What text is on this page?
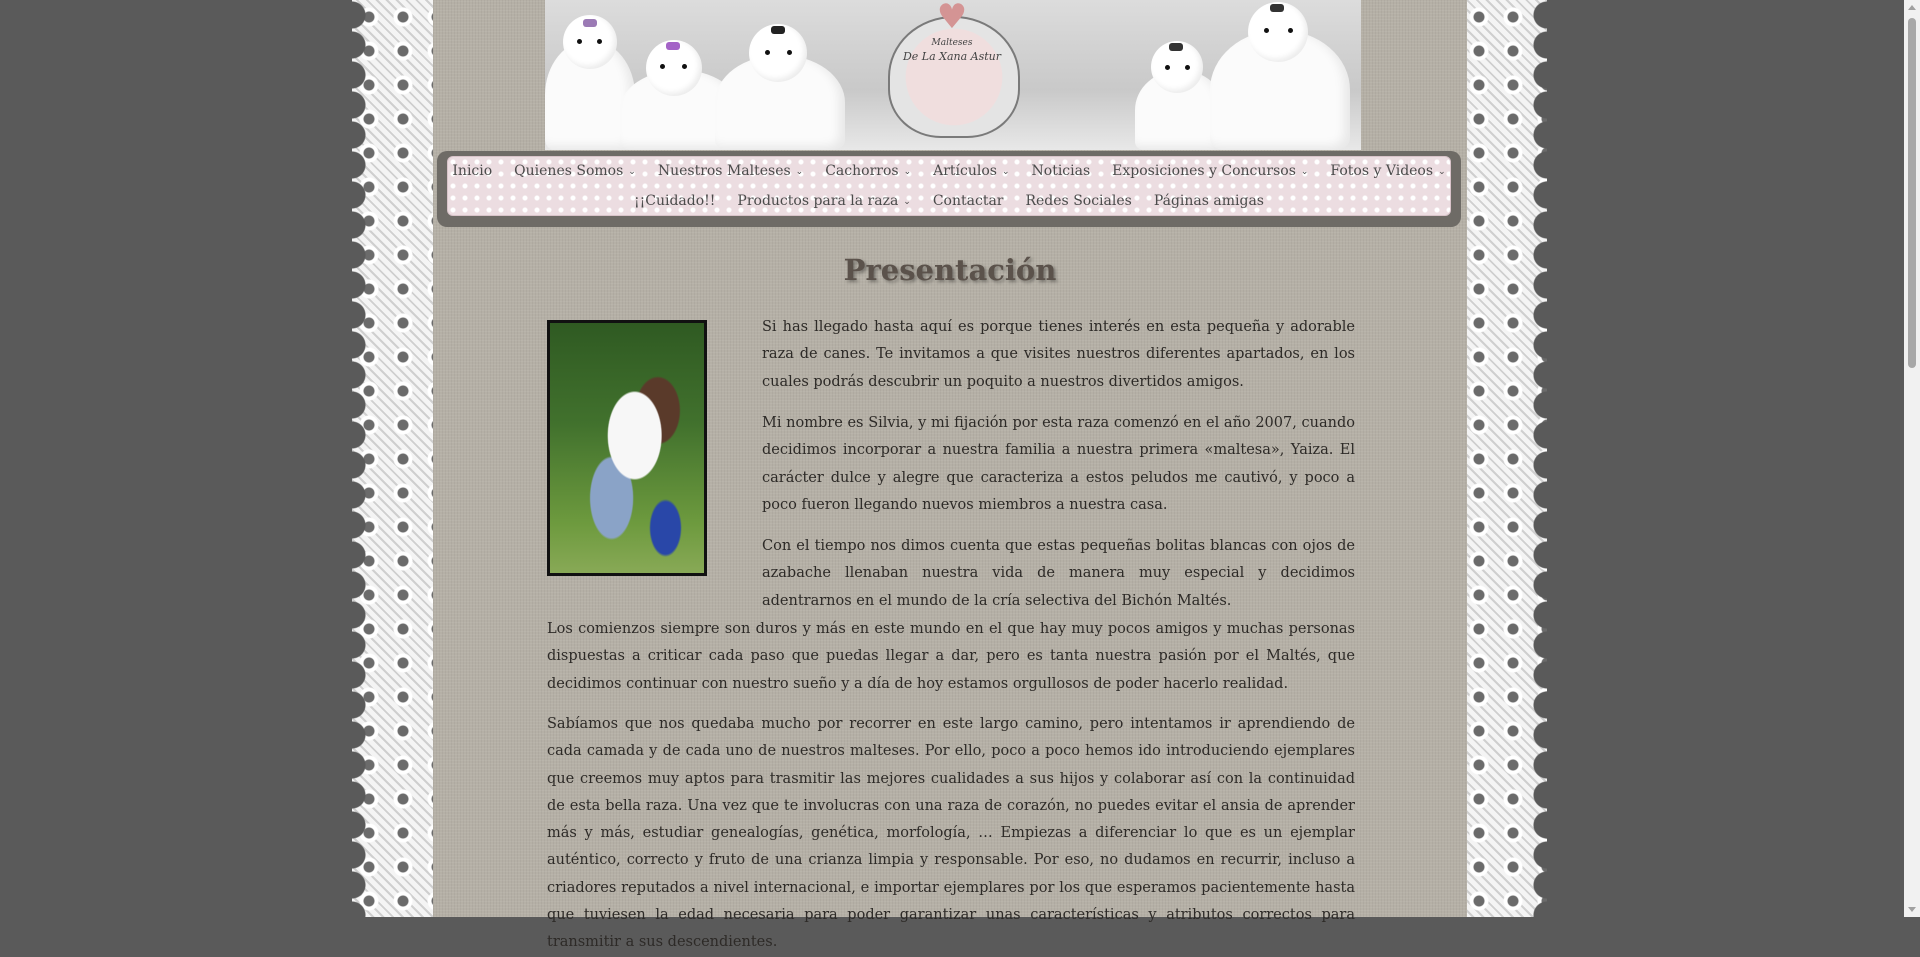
♥
Malteses
De La Xana Astur
Inicio Quienes Somos ⌄ Nuestros Malteses ⌄ Cachorros ⌄ Artículos ⌄ Noticias Exposiciones y Concursos ⌄ Fotos y Videos ⌄
¡¡Cuidado!! Productos para la raza ⌄ Contactar Redes Sociales Páginas amigas
Presentación

Si has llegado hasta aquí es porque tienes interés en esta pequeña y adorable raza de canes. Te invitamos a que visites nuestros diferentes apartados, en los cuales podrás descubrir un poquito a nuestros divertidos amigos.

Mi nombre es Silvia, y mi fijación por esta raza comenzó en el año 2007, cuando decidimos incorporar a nuestra familia a nuestra primera «maltesa», Yaiza. El carácter dulce y alegre que caracteriza a estos peludos me cautivó, y poco a poco fueron llegando nuevos miembros a nuestra casa.

Con el tiempo nos dimos cuenta que estas pequeñas bolitas blancas con ojos de azabache llenaban nuestra vida de manera muy especial y decidimos adentrarnos en el mundo de la cría selectiva del Bichón Maltés.

Los comienzos siempre son duros y más en este mundo en el que hay muy pocos amigos y muchas personas dispuestas a criticar cada paso que puedas llegar a dar, pero es tanta nuestra pasión por el Maltés, que decidimos continuar con nuestro sueño y a día de hoy estamos orgullosos de poder hacerlo realidad.

Sabíamos que nos quedaba mucho por recorrer en este largo camino, pero intentamos ir aprendiendo de cada camada y de cada uno de nuestros malteses. Por ello, poco a poco hemos ido introduciendo ejemplares que creemos muy aptos para trasmitir las mejores cualidades a sus hijos y colaborar así con la continuidad de esta bella raza. Una vez que te involucras con una raza de corazón, no puedes evitar el ansia de aprender más y más, estudiar genealogías, genética, morfología, … Empiezas a diferenciar lo que es un ejemplar auténtico, correcto y fruto de una crianza limpia y responsable. Por eso, no dudamos en recurrir, incluso a criadores reputados a nivel internacional, e importar ejemplares por los que esperamos pacientemente hasta que tuviesen la edad necesaria para poder garantizar unas características y atributos correctos para transmitir a sus descendientes.
